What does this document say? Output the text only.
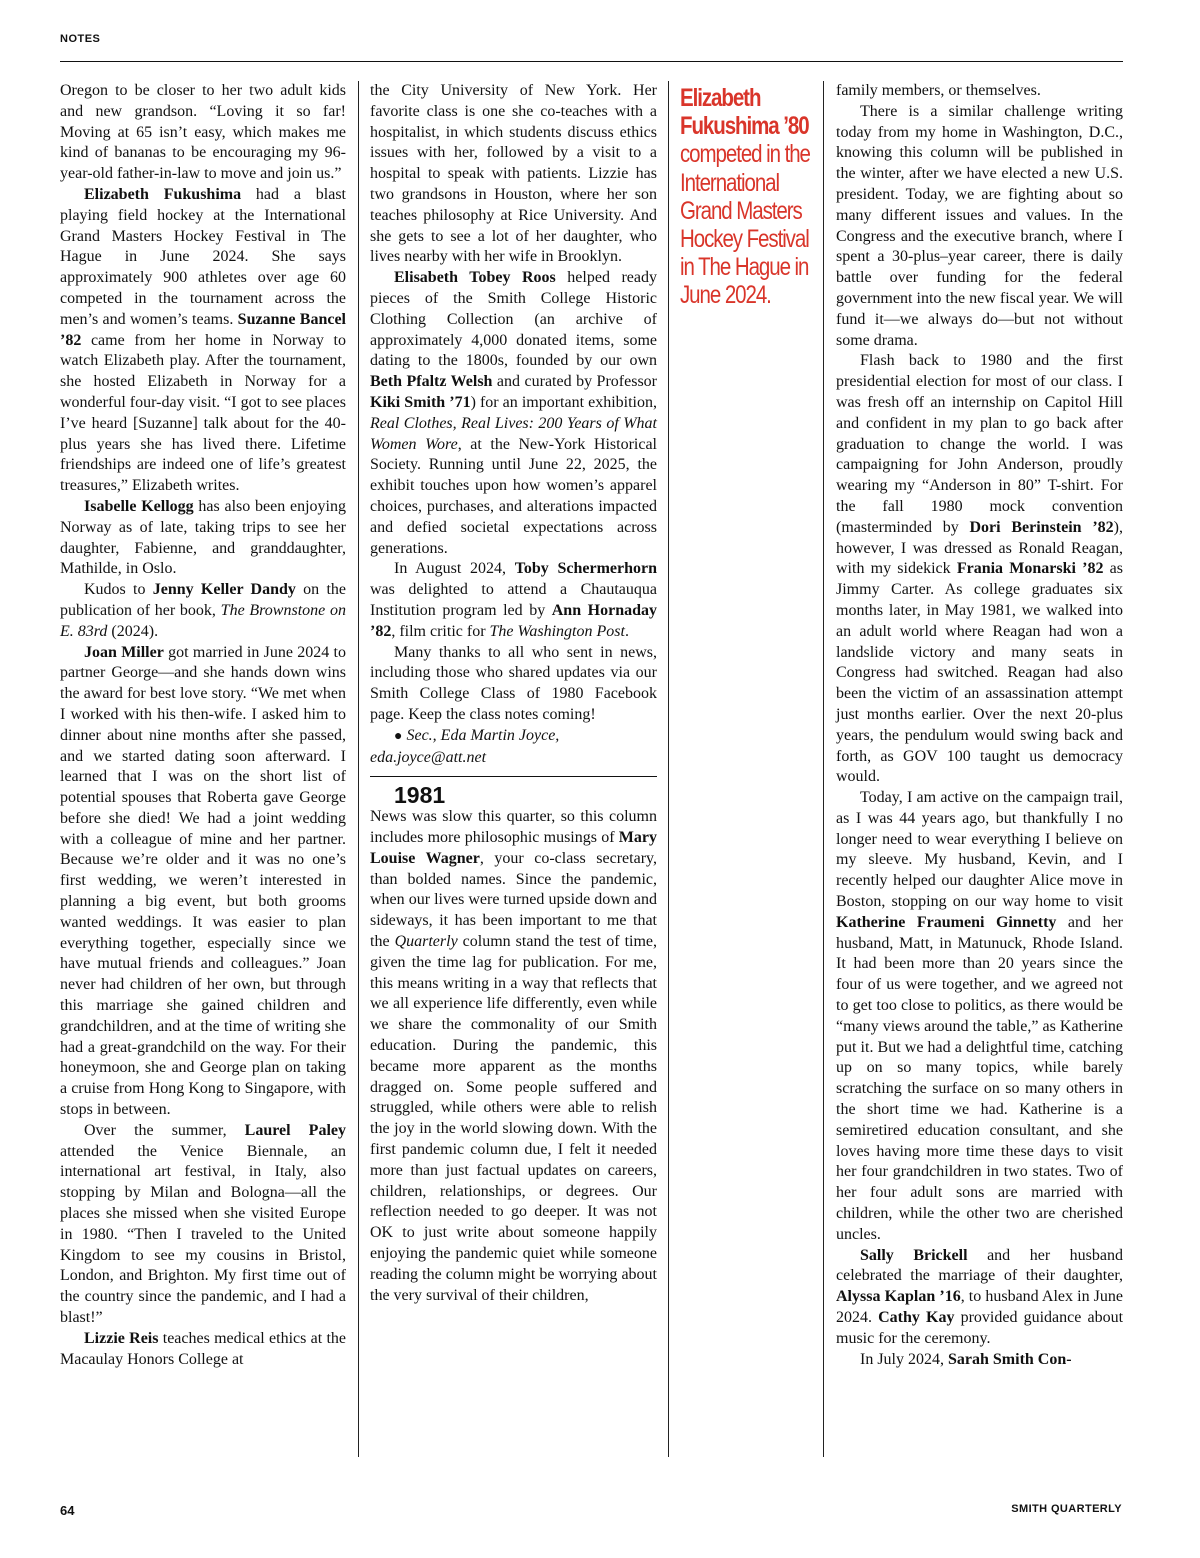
NOTES

Oregon to be closer to her two adult kids and new grandson. “Loving it so far! Moving at 65 isn’t easy, which makes me kind of bananas to be encouraging my 96-year-old father-in-law to move and join us.”

Elizabeth Fukushima had a blast playing field hockey at the International Grand Masters Hockey Festival in The Hague in June 2024. She says approximately 900 athletes over age 60 competed in the tournament across the men’s and women’s teams. Suzanne Bancel ’82 came from her home in Norway to watch Elizabeth play. After the tournament, she hosted Elizabeth in Norway for a wonderful four-day visit. “I got to see places I’ve heard [Suzanne] talk about for the 40-plus years she has lived there. Lifetime friendships are indeed one of life’s greatest treasures,” Elizabeth writes.

Isabelle Kellogg has also been enjoying Norway as of late, taking trips to see her daughter, Fabienne, and granddaughter, Mathilde, in Oslo.

Kudos to Jenny Keller Dandy on the publication of her book, The Brownstone on E. 83rd (2024).

Joan Miller got married in June 2024 to partner George—and she hands down wins the award for best love story. “We met when I worked with his then-wife. I asked him to dinner about nine months after she passed, and we started dating soon afterward. I learned that I was on the short list of potential spouses that Roberta gave George before she died! We had a joint wedding with a colleague of mine and her partner. Because we’re older and it was no one’s first wedding, we weren’t interested in planning a big event, but both grooms wanted weddings. It was easier to plan everything together, especially since we have mutual friends and colleagues.” Joan never had children of her own, but through this marriage she gained children and grandchildren, and at the time of writing she had a great-grandchild on the way. For their honeymoon, she and George plan on taking a cruise from Hong Kong to Singapore, with stops in between.

Over the summer, Laurel Paley attended the Venice Biennale, an international art festival, in Italy, also stopping by Milan and Bologna—all the places she missed when she visited Europe in 1980. “Then I traveled to the United Kingdom to see my cousins in Bristol, London, and Brighton. My first time out of the country since the pandemic, and I had a blast!”

Lizzie Reis teaches medical ethics at the Macaulay Honors College at

the City University of New York. Her favorite class is one she co-teaches with a hospitalist, in which students discuss ethics issues with her, followed by a visit to a hospital to speak with patients. Lizzie has two grandsons in Houston, where her son teaches philosophy at Rice University. And she gets to see a lot of her daughter, who lives nearby with her wife in Brooklyn.

Elisabeth Tobey Roos helped ready pieces of the Smith College Historic Clothing Collection (an archive of approximately 4,000 donated items, some dating to the 1800s, founded by our own Beth Pfaltz Welsh and curated by Professor Kiki Smith ’71) for an important exhibition, Real Clothes, Real Lives: 200 Years of What Women Wore, at the New-York Historical Society. Running until June 22, 2025, the exhibit touches upon how women’s apparel choices, purchases, and alterations impacted and defied societal expectations across generations.

In August 2024, Toby Schermerhorn was delighted to attend a Chautauqua Institution program led by Ann Hornaday ’82, film critic for The Washington Post.

Many thanks to all who sent in news, including those who shared updates via our Smith College Class of 1980 Facebook page. Keep the class notes coming!

● Sec., Eda Martin Joyce,
eda.joyce@att.net

1981

News was slow this quarter, so this column includes more philosophic musings of Mary Louise Wagner, your co-class secretary, than bolded names. Since the pandemic, when our lives were turned upside down and sideways, it has been important to me that the Quarterly column stand the test of time, given the time lag for publication. For me, this means writing in a way that reflects that we all experience life differently, even while we share the commonality of our Smith education. During the pandemic, this became more apparent as the months dragged on. Some people suffered and struggled, while others were able to relish the joy in the world slowing down. With the first pandemic column due, I felt it needed more than just factual updates on careers, children, relationships, or degrees. Our reflection needed to go deeper. It was not OK to just write about someone happily enjoying the pandemic quiet while someone reading the column might be worrying about the very survival of their children,

Elizabeth Fukushima ’80 competed in the International Grand Masters Hockey Festival in The Hague in June 2024.

family members, or themselves.

There is a similar challenge writing today from my home in Washington, D.C., knowing this column will be published in the winter, after we have elected a new U.S. president. Today, we are fighting about so many different issues and values. In the Congress and the executive branch, where I spent a 30-plus–year career, there is daily battle over funding for the federal government into the new fiscal year. We will fund it—we always do—but not without some drama.

Flash back to 1980 and the first presidential election for most of our class. I was fresh off an internship on Capitol Hill and confident in my plan to go back after graduation to change the world. I was campaigning for John Anderson, proudly wearing my “Anderson in 80” T-shirt. For the fall 1980 mock convention (masterminded by Dori Berinstein ’82), however, I was dressed as Ronald Reagan, with my sidekick Frania Monarski ’82 as Jimmy Carter. As college graduates six months later, in May 1981, we walked into an adult world where Reagan had won a landslide victory and many seats in Congress had switched. Reagan had also been the victim of an assassination attempt just months earlier. Over the next 20-plus years, the pendulum would swing back and forth, as GOV 100 taught us democracy would.

Today, I am active on the campaign trail, as I was 44 years ago, but thankfully I no longer need to wear everything I believe on my sleeve. My husband, Kevin, and I recently helped our daughter Alice move in Boston, stopping on our way home to visit Katherine Fraumeni Ginnetty and her husband, Matt, in Matunuck, Rhode Island. It had been more than 20 years since the four of us were together, and we agreed not to get too close to politics, as there would be “many views around the table,” as Katherine put it. But we had a delightful time, catching up on so many topics, while barely scratching the surface on so many others in the short time we had. Katherine is a semiretired education consultant, and she loves having more time these days to visit her four grandchildren in two states. Two of her four adult sons are married with children, while the other two are cherished uncles.

Sally Brickell and her husband celebrated the marriage of their daughter, Alyssa Kaplan ’16, to husband Alex in June 2024. Cathy Kay provided guidance about music for the ceremony.

In July 2024, Sarah Smith Con-

64	SMITH QUARTERLY
